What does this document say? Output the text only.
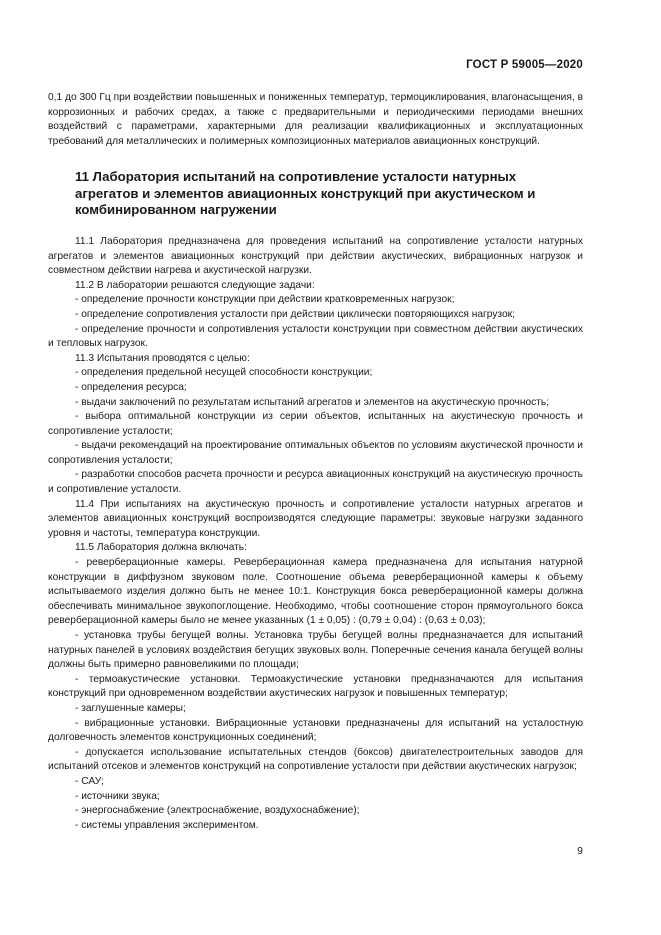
ГОСТ Р 59005—2020

0,1 до 300 Гц при воздействии повышенных и пониженных температур, термоциклирования, влагонасыщения, в коррозионных и рабочих средах, а также с предварительными и периодическими периодами внешних воздействий с параметрами, характерными для реализации квалификационных и эксплуатационных требований для металлических и полимерных композиционных материалов авиационных конструкций.

11 Лаборатория испытаний на сопротивление усталости натурных агрегатов и элементов авиационных конструкций при акустическом и комбинированном нагружении

11.1 Лаборатория предназначена для проведения испытаний на сопротивление усталости натурных агрегатов и элементов авиационных конструкций при действии акустических, вибрационных нагрузок и совместном действии нагрева и акустической нагрузки.

11.2 В лаборатории решаются следующие задачи:

- определение прочности конструкции при действии кратковременных нагрузок;

- определение сопротивления усталости при действии циклически повторяющихся нагрузок;

- определение прочности и сопротивления усталости конструкции при совместном действии акустических и тепловых нагрузок.

11.3 Испытания проводятся с целью:

- определения предельной несущей способности конструкции;

- определения ресурса;

- выдачи заключений по результатам испытаний агрегатов и элементов на акустическую прочность;

- выбора оптимальной конструкции из серии объектов, испытанных на акустическую прочность и сопротивление усталости;

- выдачи рекомендаций на проектирование оптимальных объектов по условиям акустической прочности и сопротивления усталости;

- разработки способов расчета прочности и ресурса авиационных конструкций на акустическую прочность и сопротивление усталости.

11.4 При испытаниях на акустическую прочность и сопротивление усталости натурных агрегатов и элементов авиационных конструкций воспроизводятся следующие параметры: звуковые нагрузки заданного уровня и частоты, температура конструкции.

11.5 Лаборатория должна включать:

- реверберационные камеры. Реверберационная камера предназначена для испытания натурной конструкции в диффузном звуковом поле. Соотношение объема реверберационной камеры к объему испытываемого изделия должно быть не менее 10:1. Конструкция бокса реверберационной камеры должна обеспечивать минимальное звукопоглощение. Необходимо, чтобы соотношение сторон прямоугольного бокса реверберационной камеры было не менее указанных (1 ± 0,05) : (0,79 ± 0,04) : (0,63 ± 0,03);

- установка трубы бегущей волны. Установка трубы бегущей волны предназначается для испытаний натурных панелей в условиях воздействия бегущих звуковых волн. Поперечные сечения канала бегущей волны должны быть примерно равновеликими по площади;

- термоакустические установки. Термоакустические установки предназначаются для испытания конструкций при одновременном воздействии акустических нагрузок и повышенных температур;

- заглушенные камеры;

- вибрационные установки. Вибрационные установки предназначены для испытаний на усталостную долговечность элементов конструкционных соединений;

- допускается использование испытательных стендов (боксов) двигателестроительных заводов для испытаний отсеков и элементов конструкций на сопротивление усталости при действии акустических нагрузок;

- САУ;

- источники звука;

- энергоснабжение (электроснабжение, воздухоснабжение);

- системы управления экспериментом.

9
